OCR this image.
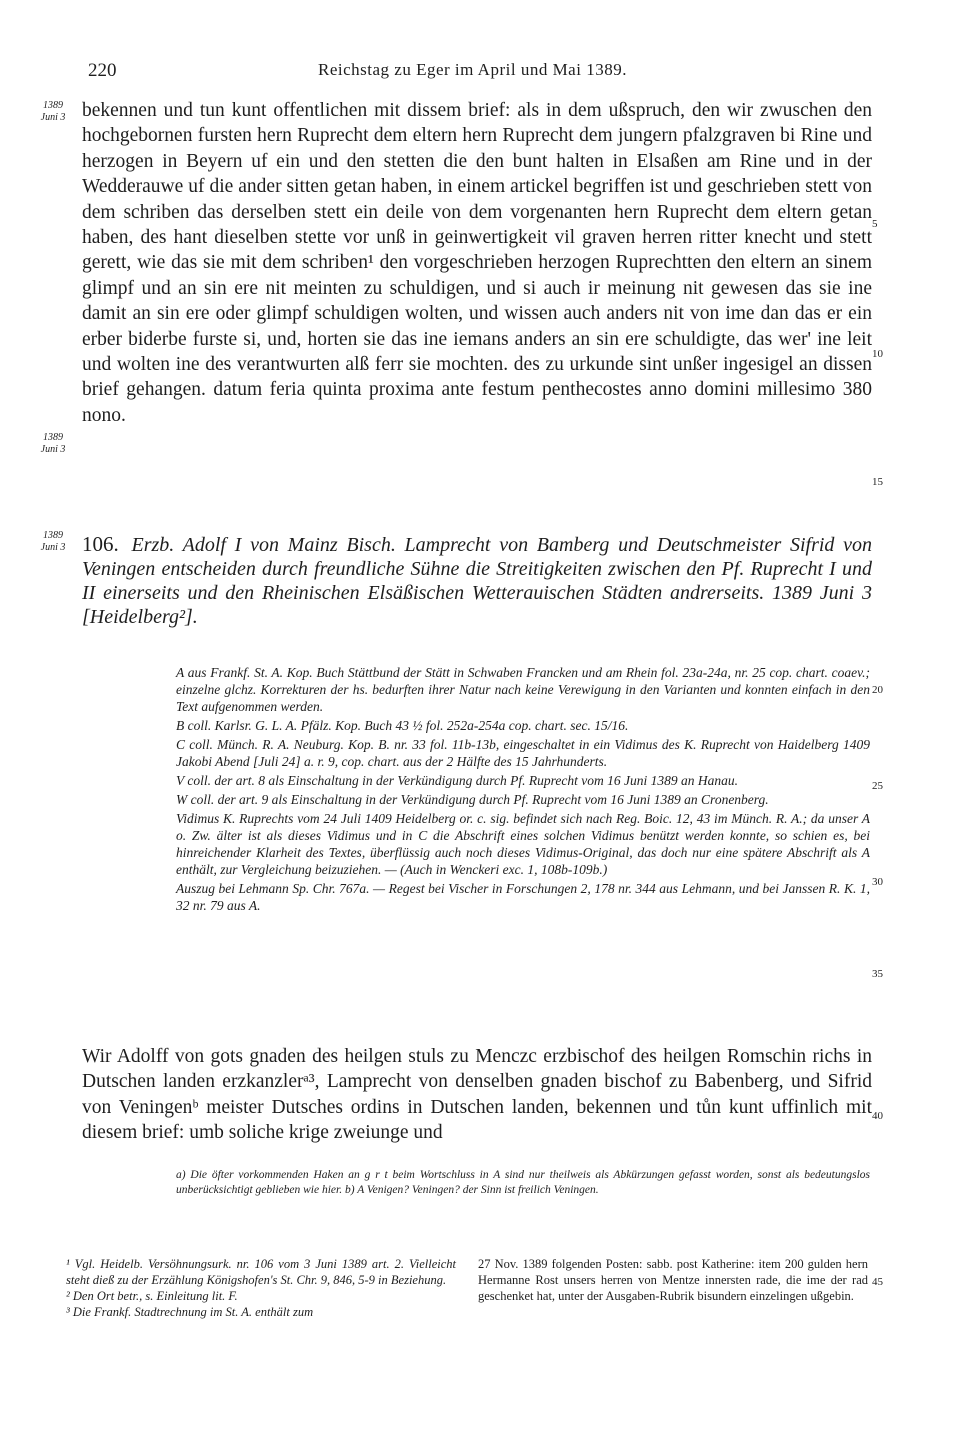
220	Reichstag zu Eger im April und Mai 1389.
1389
Juni 3
1389
Juni 3
1389
Juni 3
5
10
15
20
25
30
35
40
45

bekennen und tun kunt offentlichen mit dissem brief: als in dem ußspruch, den wir zwuschen den hochgebornen fursten hern Ruprecht dem eltern hern Ruprecht dem jungern pfalzgraven bi Rine und herzogen in Beyern uf ein und den stetten die den bunt halten in Elsaßen am Rine und in der Wedderauwe uf die ander sitten getan haben, in einem artickel begriffen ist und geschrieben stett von dem schriben das derselben stett ein deile von dem vorgenanten hern Ruprecht dem eltern getan haben, des hant dieselben stette vor unß in geinwertigkeit vil graven herren ritter knecht und stett gerett, wie das sie mit dem schriben¹ den vorgeschrieben herzogen Ruprechtten den eltern an sinem glimpf und an sin ere nit meinten zu schuldigen, und si auch ir meinung nit gewesen das sie ine damit an sin ere oder glimpf schuldigen wolten, und wissen auch anders nit von ime dan das er ein erber biderbe furste si, und, horten sie das ine iemans anders an sin ere schuldigte, das wer' ine leit und wolten ine des verantwurten alß ferr sie mochten. des zu urkunde sint unßer ingesigel an dissen brief gehangen. datum feria quinta proxima ante festum penthecostes anno domini millesimo 380 nono.

106. Erzb. Adolf I von Mainz Bisch. Lamprecht von Bamberg und Deutschmeister Sifrid von Veningen entscheiden durch freundliche Sühne die Streitigkeiten zwischen den Pf. Ruprecht I und II einerseits und den Rheinischen Elsäßischen Wetterauischen Städten andrerseits. 1389 Juni 3 [Heidelberg²].

A aus Frankf. St. A. Kop. Buch Stättbund der Stätt in Schwaben Francken und am Rhein fol. 23a-24a, nr. 25 cop. chart. coaev.; einzelne glchz. Korrekturen der hs. bedurften ihrer Natur nach keine Verewigung in den Varianten und konnten einfach in den Text aufgenommen werden.

B coll. Karlsr. G. L. A. Pfälz. Kop. Buch 43 ½ fol. 252a-254a cop. chart. sec. 15/16.

C coll. Münch. R. A. Neuburg. Kop. B. nr. 33 fol. 11b-13b, eingeschaltet in ein Vidimus des K. Ruprecht von Haidelberg 1409 Jakobi Abend [Juli 24] a. r. 9, cop. chart. aus der 2 Hälfte des 15 Jahrhunderts.

V coll. der art. 8 als Einschaltung in der Verkündigung durch Pf. Ruprecht vom 16 Juni 1389 an Hanau.

W coll. der art. 9 als Einschaltung in der Verkündigung durch Pf. Ruprecht vom 16 Juni 1389 an Cronenberg.

Vidimus K. Ruprechts vom 24 Juli 1409 Heidelberg or. c. sig. befindet sich nach Reg. Boic. 12, 43 im Münch. R. A.; da unser A o. Zw. älter ist als dieses Vidimus und in C die Abschrift eines solchen Vidimus benützt werden konnte, so schien es, bei hinreichender Klarheit des Textes, überflüssig auch noch dieses Vidimus-Original, das doch nur eine spätere Abschrift als A enthält, zur Vergleichung beizuziehen. — (Auch in Wenckeri exc. 1, 108b-109b.)

Auszug bei Lehmann Sp. Chr. 767a. — Regest bei Vischer in Forschungen 2, 178 nr. 344 aus Lehmann, und bei Janssen R. K. 1, 32 nr. 79 aus A.

Wir Adolff von gots gnaden des heilgen stuls zu Menczc erzbischof des heilgen Romschin richs in Dutschen landen erzkanzlerᵃ³, Lamprecht von denselben gnaden bischof zu Babenberg, und Sifrid von Veningenᵇ meister Dutsches ordins in Dutschen landen, bekennen und tůn kunt uffinlich mit diesem brief: umb soliche krige zweiunge und

a) Die öfter vorkommenden Haken an g r t beim Wortschluss in A sind nur theilweis als Abkürzungen gefasst worden, sonst als bedeutungslos unberücksichtigt geblieben wie hier. b) A Venigen? Veningen? der Sinn ist freilich Veningen.

¹ Vgl. Heidelb. Versöhnungsurk. nr. 106 vom 3 Juni 1389 art. 2. Vielleicht steht dieß zu der Erzählung Königshofen's St. Chr. 9, 846, 5-9 in Beziehung.

² Den Ort betr., s. Einleitung lit. F.

³ Die Frankf. Stadtrechnung im St. A. enthält zum

27 Nov. 1389 folgenden Posten: sabb. post Katherine: item 200 gulden hern Hermanne Rost unsers herren von Mentze innersten rade, die ime der rad geschenket hat, unter der Ausgaben-Rubrik bisundern einzelingen ußgebin.
